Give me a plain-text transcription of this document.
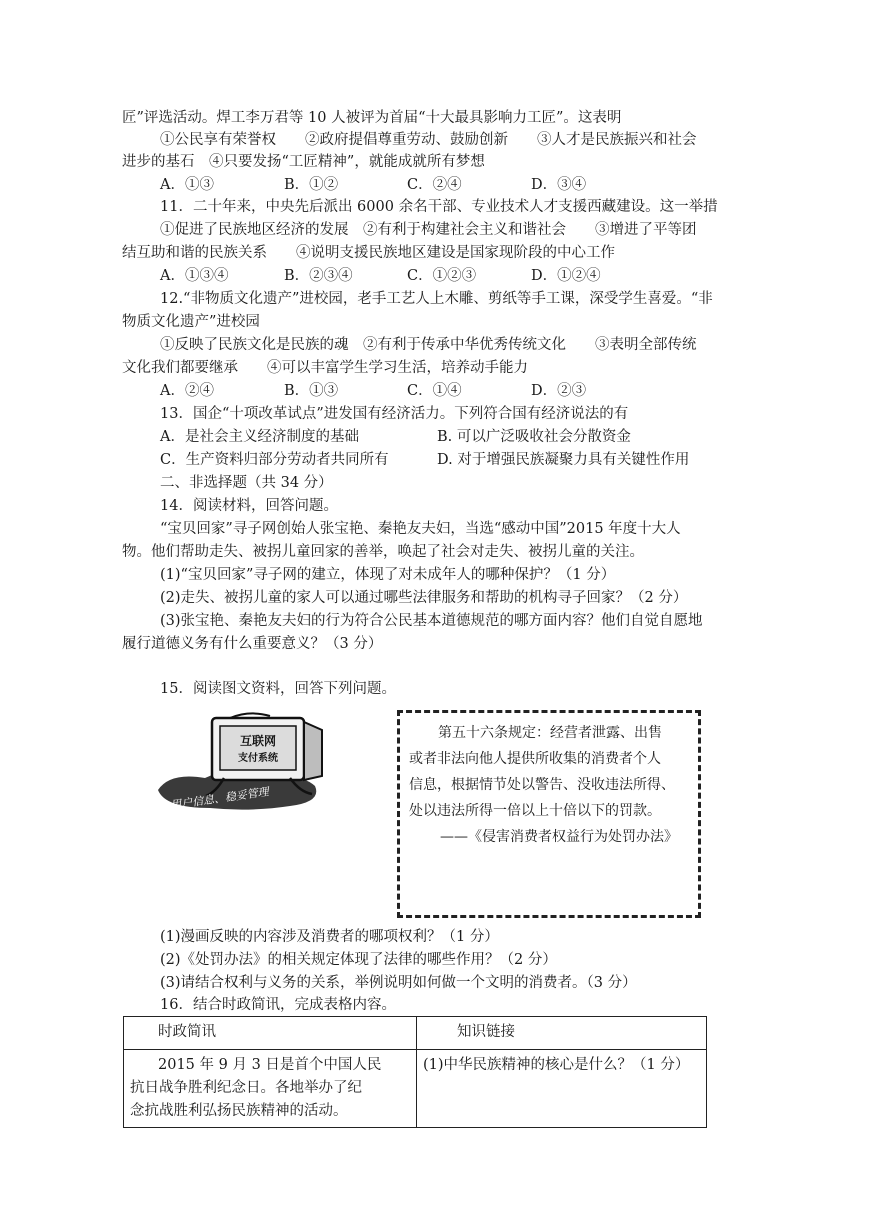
匠”评选活动。焊工李万君等 10 人被评为首届“十大最具影响力工匠”。这表明
①公民享有荣誉权　　②政府提倡尊重劳动、鼓励创新　　③人才是民族振兴和社会
进步的基石　④只要发扬“工匠精神”，就能成就所有梦想
A．①③	B．①②	C．②④	D．③④
11．二十年来，中央先后派出 6000 余名干部、专业技术人才支援西藏建设。这一举措
①促进了民族地区经济的发展　②有利于构建社会主义和谐社会　　③增进了平等团
结互助和谐的民族关系　　④说明支援民族地区建设是国家现阶段的中心工作
A．①③④	B．②③④	C．①②③	D．①②④
12.“非物质文化遗产”进校园，老手工艺人上木雕、剪纸等手工课，深受学生喜爱。“非
物质文化遗产”进校园
①反映了民族文化是民族的魂　②有利于传承中华优秀传统文化　　③表明全部传统
文化我们都要继承　　④可以丰富学生学习生活，培养动手能力
A．②④	B．①③	C．①④	D．②③
13．国企“十项改革试点”进发国有经济活力。下列符合国有经济说法的有
A．是社会主义经济制度的基础	B. 可以广泛吸收社会分散资金
C．生产资料归部分劳动者共同所有	D. 对于增强民族凝聚力具有关键性作用
二、非选择题（共 34 分）
14．阅读材料，回答问题。
“宝贝回家”寻子网创始人张宝艳、秦艳友夫妇，当选“感动中国”2015 年度十大人
物。他们帮助走失、被拐儿童回家的善举，唤起了社会对走失、被拐儿童的关注。
(1)“宝贝回家”寻子网的建立，体现了对未成年人的哪种保护？（1 分）
(2)走失、被拐儿童的家人可以通过哪些法律服务和帮助的机构寻子回家？（2 分）
(3)张宝艳、秦艳友夫妇的行为符合公民基本道德规范的哪方面内容？他们自觉自愿地
履行道德义务有什么重要意义？（3 分）
15．阅读图文资料，回答下列问题。
互联网
支付系统
用户信息、稳妥管理
第五十六条规定：经营者泄露、出售
或者非法向他人提供所收集的消费者个人
信息，根据情节处以警告、没收违法所得、
处以违法所得一倍以上十倍以下的罚款。
——《侵害消费者权益行为处罚办法》
(1)漫画反映的内容涉及消费者的哪项权利？（1 分）
(2)《处罚办法》的相关规定体现了法律的哪些作用？（2 分）
(3)请结合权利与义务的关系，举例说明如何做一个文明的消费者。（3 分）
16．结合时政简讯，完成表格内容。
时政简讯	知识链接

2015 年 9 月 3 日是首个中国人民
抗日战争胜利纪念日。各地举办了纪
念抗战胜利弘扬民族精神的活动。	(1)中华民族精神的核心是什么？（1 分）
